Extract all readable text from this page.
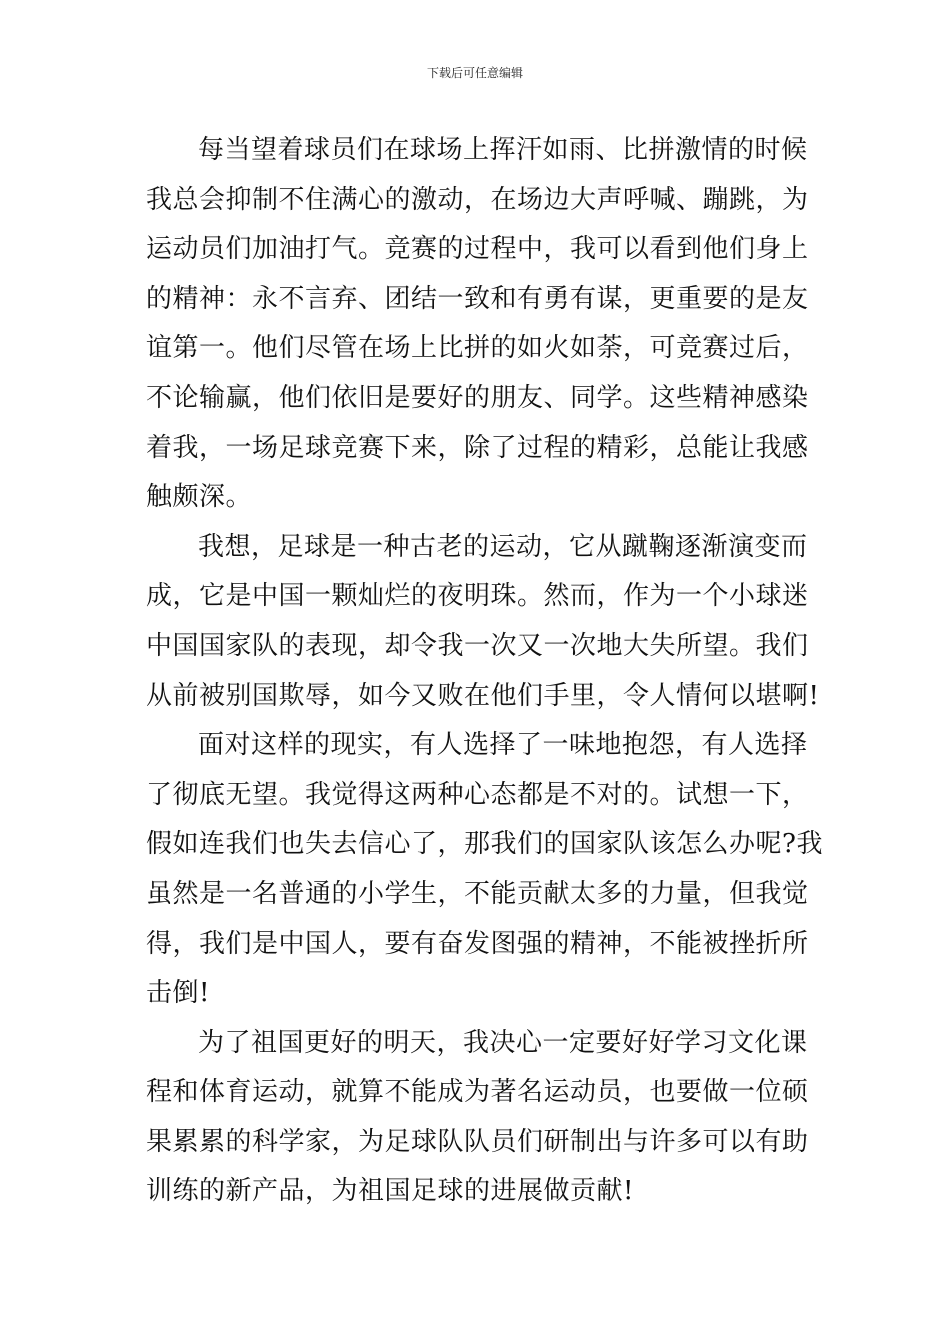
下载后可任意编辑
每当望着球员们在球场上挥汗如雨、比拼激情的时候
我总会抑制不住满心的激动，在场边大声呼喊、蹦跳，为
运动员们加油打气。竞赛的过程中，我可以看到他们身上
的精神：永不言弃、团结一致和有勇有谋，更重要的是友
谊第一。他们尽管在场上比拼的如火如荼，可竞赛过后，
不论输赢，他们依旧是要好的朋友、同学。这些精神感染
着我，一场足球竞赛下来，除了过程的精彩，总能让我感
触颇深。
我想，足球是一种古老的运动，它从蹴鞠逐渐演变而
成，它是中国一颗灿烂的夜明珠。然而，作为一个小球迷
中国国家队的表现，却令我一次又一次地大失所望。我们
从前被别国欺辱，如今又败在他们手里，令人情何以堪啊!
面对这样的现实，有人选择了一味地抱怨，有人选择
了彻底无望。我觉得这两种心态都是不对的。试想一下，
假如连我们也失去信心了，那我们的国家队该怎么办呢?我
虽然是一名普通的小学生，不能贡献太多的力量，但我觉
得，我们是中国人，要有奋发图强的精神，不能被挫折所
击倒!
为了祖国更好的明天，我决心一定要好好学习文化课
程和体育运动，就算不能成为著名运动员，也要做一位硕
果累累的科学家，为足球队队员们研制出与许多可以有助
训练的新产品，为祖国足球的进展做贡献!
